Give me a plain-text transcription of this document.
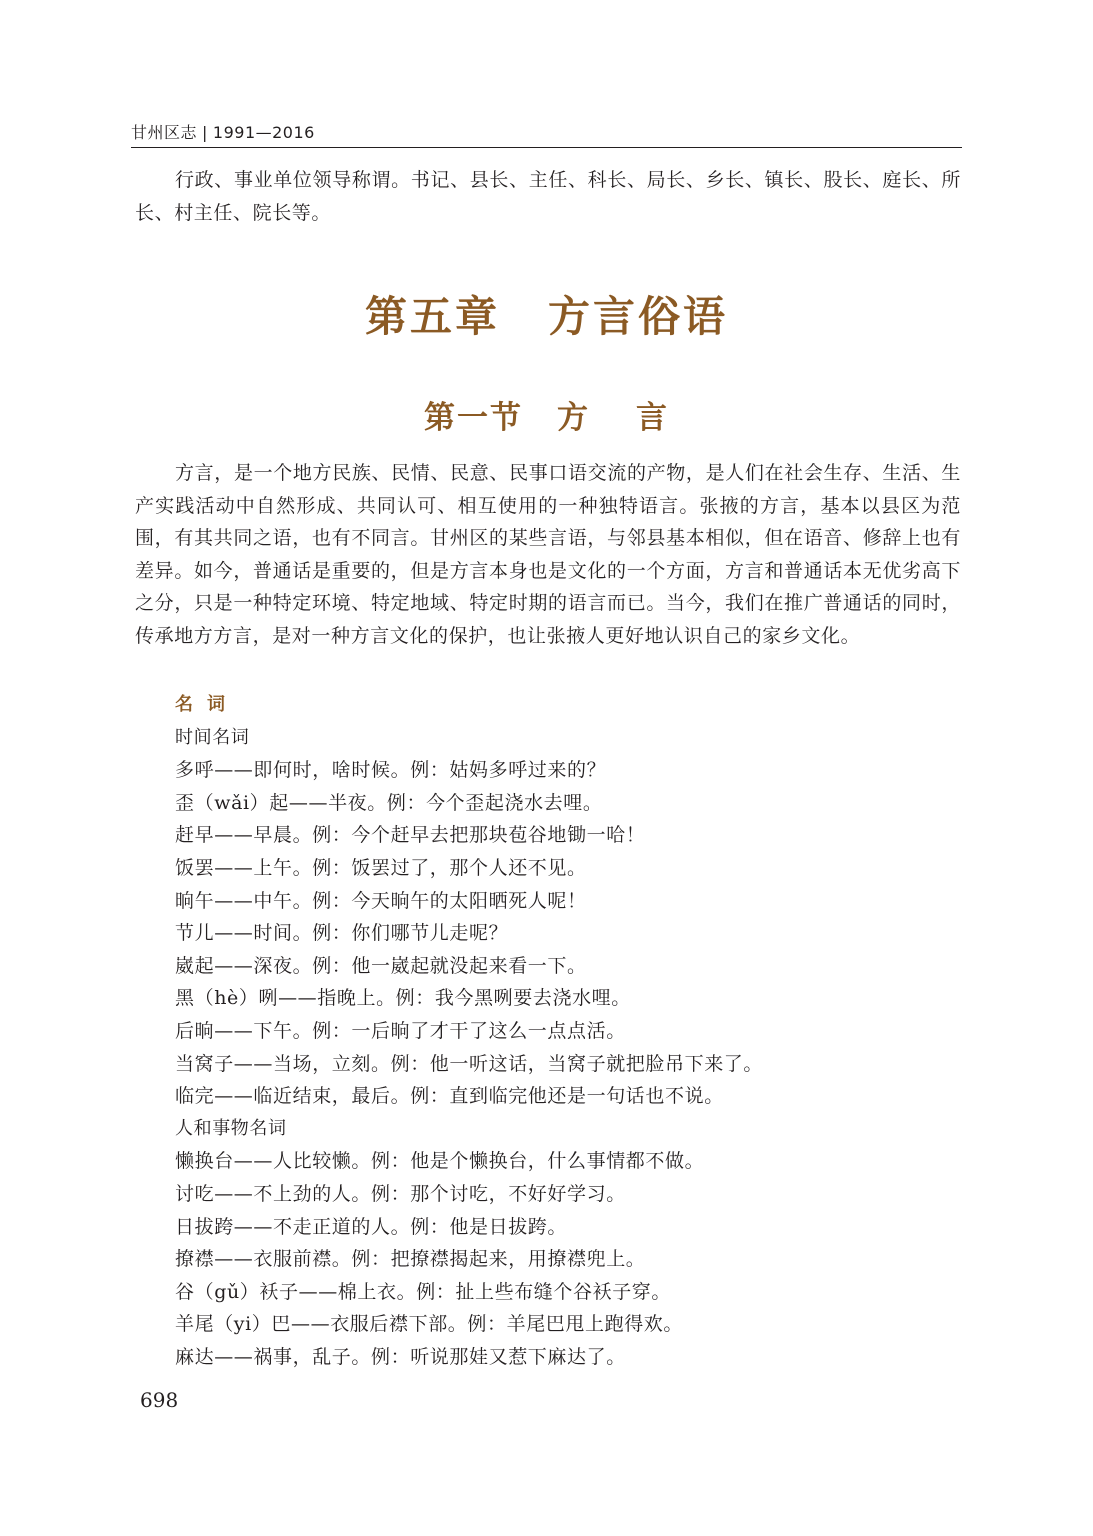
甘州区志 | 1991—2016
行政、事业单位领导称谓。书记、县长、主任、科长、局长、乡长、镇长、股长、庭长、所长、村主任、院长等。
第五章 方言俗语
第一节 方 言
方言，是一个地方民族、民情、民意、民事口语交流的产物，是人们在社会生存、生活、生产实践活动中自然形成、共同认可、相互使用的一种独特语言。张掖的方言，基本以县区为范围，有其共同之语，也有不同言。甘州区的某些言语，与邻县基本相似，但在语音、修辞上也有差异。如今，普通话是重要的，但是方言本身也是文化的一个方面，方言和普通话本无优劣高下之分，只是一种特定环境、特定地域、特定时期的语言而已。当今，我们在推广普通话的同时，传承地方方言，是对一种方言文化的保护，也让张掖人更好地认识自己的家乡文化。
名词
时间名词
多呼——即何时，啥时候。例：姑妈多呼过来的？
歪（wǎi）起——半夜。例：今个歪起浇水去哩。
赶早——早晨。例：今个赶早去把那块苞谷地锄一哈！
饭罢——上午。例：饭罢过了，那个人还不见。
晌午——中午。例：今天晌午的太阳晒死人呢！
节儿——时间。例：你们哪节儿走呢？
崴起——深夜。例：他一崴起就没起来看一下。
黑（hè）咧——指晚上。例：我今黑咧要去浇水哩。
后晌——下午。例：一后晌了才干了这么一点点活。
当窝子——当场，立刻。例：他一听这话，当窝子就把脸吊下来了。
临完——临近结束，最后。例：直到临完他还是一句话也不说。
人和事物名词
懒换台——人比较懒。例：他是个懒换台，什么事情都不做。
讨吃——不上劲的人。例：那个讨吃，不好好学习。
日拔跨——不走正道的人。例：他是日拔跨。
撩襟——衣服前襟。例：把撩襟揭起来，用撩襟兜上。
谷（gǔ）袄子——棉上衣。例：扯上些布缝个谷袄子穿。
羊尾（yi）巴——衣服后襟下部。例：羊尾巴甩上跑得欢。
麻达——祸事，乱子。例：听说那娃又惹下麻达了。
698
